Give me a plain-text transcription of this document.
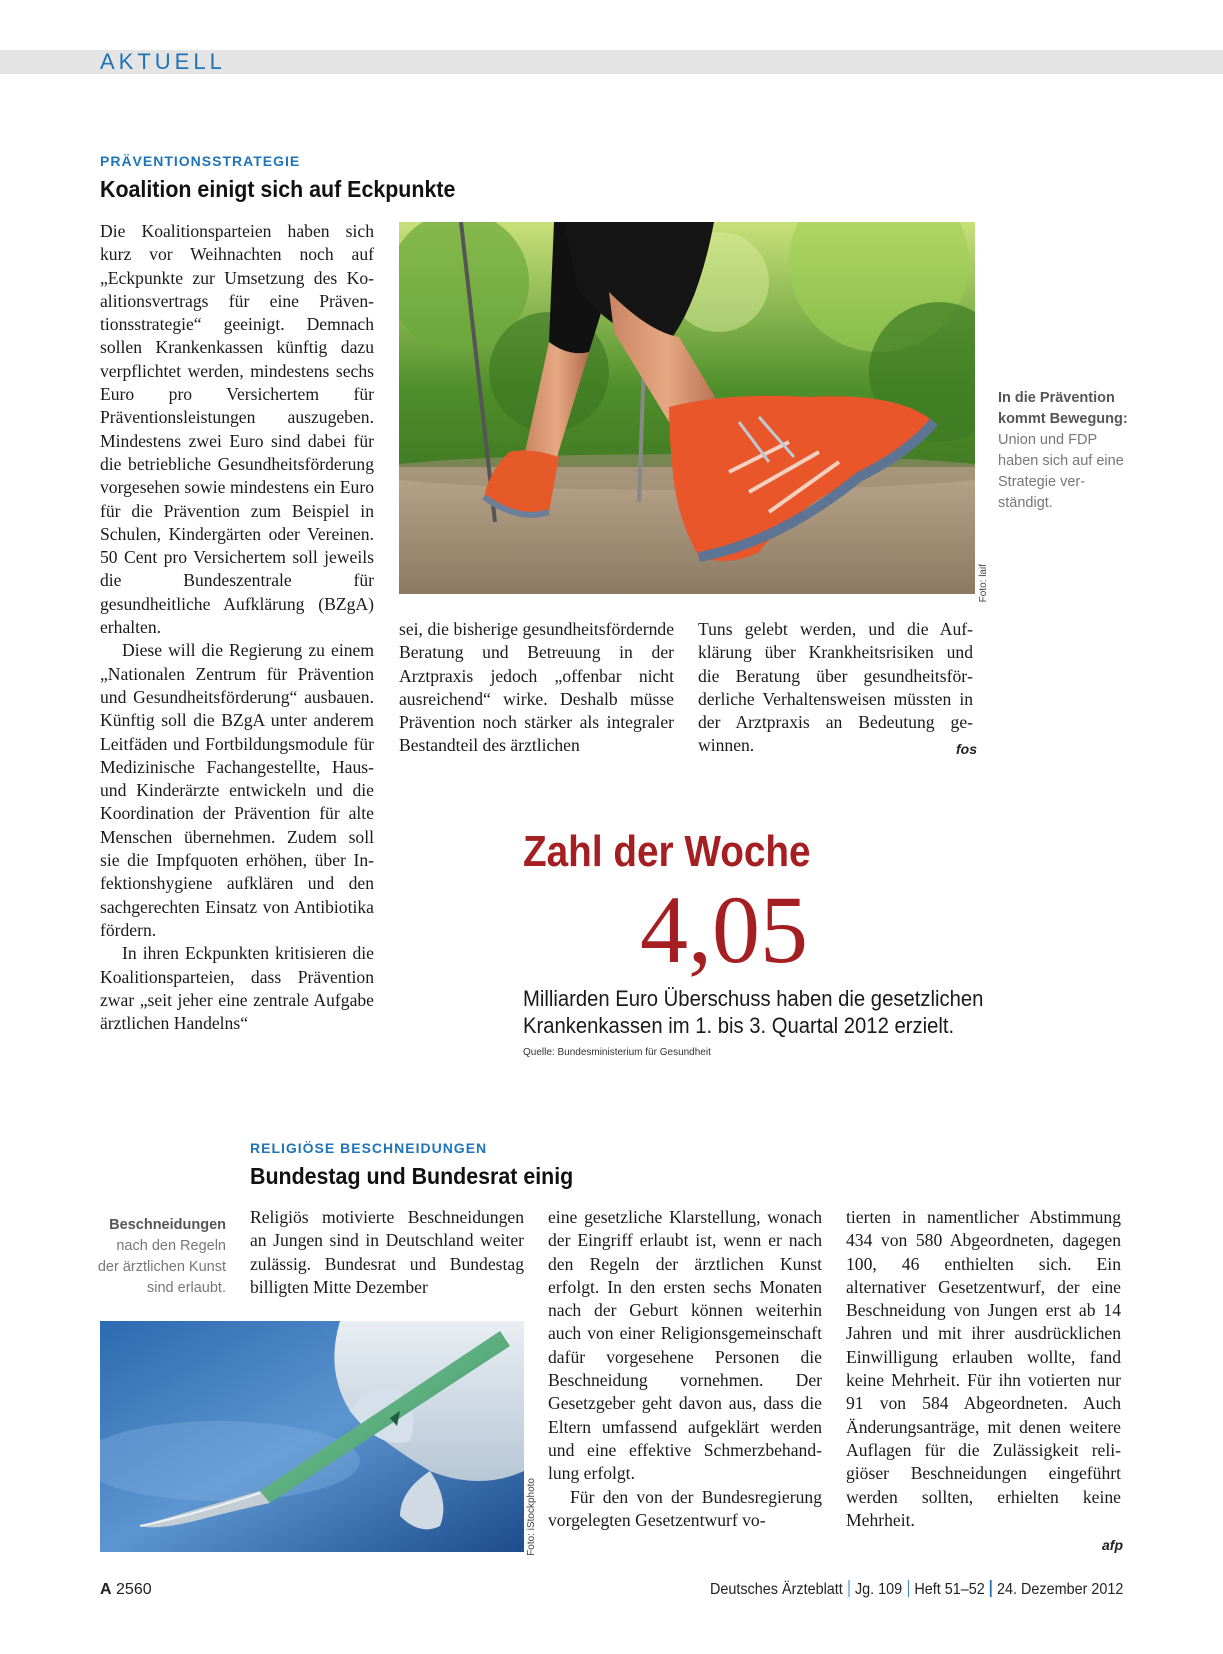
AKTUELL
PRÄVENTIONSSTRATEGIE
Koalition einigt sich auf Eckpunkte

Die Koalitionsparteien haben sich kurz vor Weihnachten noch auf „Eckpunkte zur Umsetzung des Koalitionsvertrags für eine Präventionsstrategie“ geeinigt. Demnach sollen Krankenkassen künftig dazu verpflichtet werden, mindestens sechs Euro pro Versichertem für Präventionsleistungen auszugeben. Mindestens zwei Euro sind dabei für die betriebliche Gesundheitsförderung vorgesehen sowie mindestens ein Euro für die Prävention zum Beispiel in Schulen, Kindergärten oder Vereinen. 50 Cent pro Versichertem soll jeweils die Bundeszentrale für gesundheitliche Aufklärung (BZgA) erhalten.

Diese will die Regierung zu einem „Nationalen Zentrum für Prävention und Gesundheitsförderung“ ausbauen. Künftig soll die BZgA unter anderem Leitfäden und Fortbildungsmodule für Medizinische Fachangestellte, Haus- und Kinderärzte entwickeln und die Koordination der Prävention für alte Menschen übernehmen. Zudem soll sie die Impfquoten erhöhen, über Infektionshygiene aufklären und den sachgerechten Einsatz von Antibiotika fördern.

In ihren Eckpunkten kritisieren die Koalitionsparteien, dass Prävention zwar „seit jeher eine zentrale Aufgabe ärztlichen Handelns“

Foto: laif
In die Prävention kommt Bewegung: Union und FDP haben sich auf eine Strategie verständigt.
sei, die bisherige gesundheitsfördernde Beratung und Betreuung in der Arztpraxis jedoch „offenbar nicht ausreichend“ wirke. Deshalb müsse Prävention noch stärker als integraler Bestandteil des ärztlichen
Tuns gelebt werden, und die Aufklärung über Krankheitsrisiken und die Beratung über gesundheitsförderliche Verhaltensweisen müssten in der Arztpraxis an Bedeutung gewinnen.	fos
Zahl der Woche
4,05
Milliarden Euro Überschuss haben die gesetzlichen Krankenkassen im 1. bis 3. Quartal 2012 erzielt.
Quelle: Bundesministerium für Gesundheit
RELIGIÖSE BESCHNEIDUNGEN
Bundestag und Bundesrat einig
Beschneidungen nach den Regeln der ärztlichen Kunst sind erlaubt.
Religiös motivierte Beschneidungen an Jungen sind in Deutschland weiter zulässig. Bundesrat und Bundestag billigten Mitte Dezember
Foto: iStockphoto

eine gesetzliche Klarstellung, wonach der Eingriff erlaubt ist, wenn er nach den Regeln der ärztlichen Kunst erfolgt. In den ersten sechs Monaten nach der Geburt können weiterhin auch von einer Religionsgemeinschaft dafür vorgesehene Personen die Beschneidung vornehmen. Der Gesetzgeber geht davon aus, dass die Eltern umfassend aufgeklärt werden und eine effektive Schmerzbehandlung erfolgt.

Für den von der Bundesregierung vorgelegten Gesetzentwurf vo-

tierten in namentlicher Abstimmung 434 von 580 Abgeordneten, dagegen 100, 46 enthielten sich. Ein alternativer Gesetzentwurf, der eine Beschneidung von Jungen erst ab 14 Jahren und mit ihrer ausdrücklichen Einwilligung erlauben wollte, fand keine Mehrheit. Für ihn votierten nur 91 von 584 Abgeordneten. Auch Änderungsanträge, mit denen weitere Auflagen für die Zulässigkeit religiöser Beschneidungen eingeführt werden sollten, erhielten keine Mehrheit.
afp
A 2560	Deutsches Ärzteblatt Jg. 109 Heft 51–52 24. Dezember 2012
